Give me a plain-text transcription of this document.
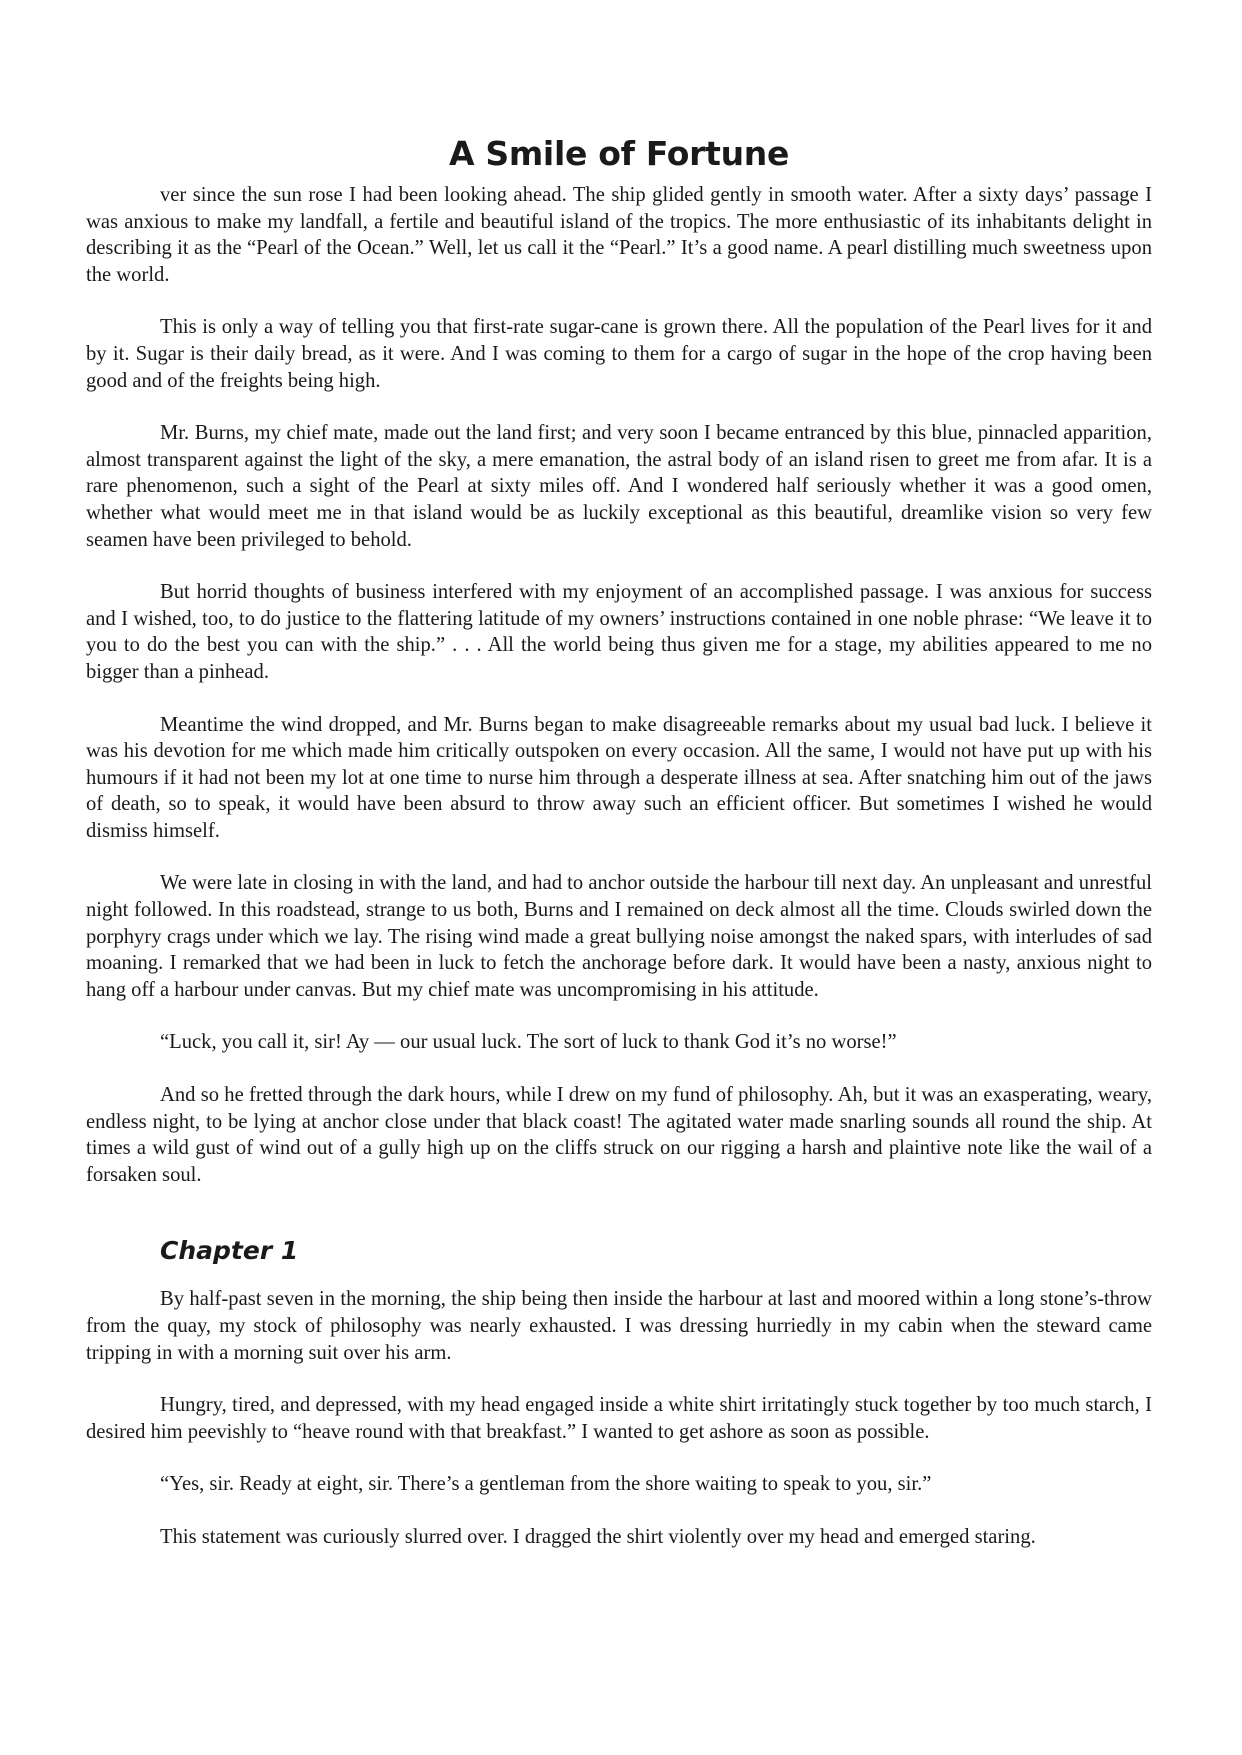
A Smile of Fortune

ver since the sun rose I had been looking ahead. The ship glided gently in smooth water. After a sixty days’ passage I was anxious to make my landfall, a fertile and beautiful island of the tropics. The more enthusiastic of its inhabitants delight in describing it as the “Pearl of the Ocean.” Well, let us call it the “Pearl.” It’s a good name. A pearl distilling much sweetness upon the world.

This is only a way of telling you that first-rate sugar-cane is grown there. All the population of the Pearl lives for it and by it. Sugar is their daily bread, as it were. And I was coming to them for a cargo of sugar in the hope of the crop having been good and of the freights being high.

Mr. Burns, my chief mate, made out the land first; and very soon I became entranced by this blue, pinnacled apparition, almost transparent against the light of the sky, a mere emanation, the astral body of an island risen to greet me from afar. It is a rare phenomenon, such a sight of the Pearl at sixty miles off. And I wondered half seriously whether it was a good omen, whether what would meet me in that island would be as luckily exceptional as this beautiful, dreamlike vision so very few seamen have been privileged to behold.

But horrid thoughts of business interfered with my enjoyment of an accomplished passage. I was anxious for success and I wished, too, to do justice to the flattering latitude of my owners’ instructions contained in one noble phrase: “We leave it to you to do the best you can with the ship.” . . . All the world being thus given me for a stage, my abilities appeared to me no bigger than a pinhead.

Meantime the wind dropped, and Mr. Burns began to make disagreeable remarks about my usual bad luck. I believe it was his devotion for me which made him critically outspoken on every occasion. All the same, I would not have put up with his humours if it had not been my lot at one time to nurse him through a desperate illness at sea. After snatching him out of the jaws of death, so to speak, it would have been absurd to throw away such an efficient officer. But sometimes I wished he would dismiss himself.

We were late in closing in with the land, and had to anchor outside the harbour till next day. An unpleasant and unrestful night followed. In this roadstead, strange to us both, Burns and I remained on deck almost all the time. Clouds swirled down the porphyry crags under which we lay. The rising wind made a great bullying noise amongst the naked spars, with interludes of sad moaning. I remarked that we had been in luck to fetch the anchorage before dark. It would have been a nasty, anxious night to hang off a harbour under canvas. But my chief mate was uncompromising in his attitude.

“Luck, you call it, sir! Ay — our usual luck. The sort of luck to thank God it’s no worse!”

And so he fretted through the dark hours, while I drew on my fund of philosophy. Ah, but it was an exasperating, weary, endless night, to be lying at anchor close under that black coast! The agitated water made snarling sounds all round the ship. At times a wild gust of wind out of a gully high up on the cliffs struck on our rigging a harsh and plaintive note like the wail of a forsaken soul.

Chapter 1

By half-past seven in the morning, the ship being then inside the harbour at last and moored within a long stone’s-throw from the quay, my stock of philosophy was nearly exhausted. I was dressing hurriedly in my cabin when the steward came tripping in with a morning suit over his arm.

Hungry, tired, and depressed, with my head engaged inside a white shirt irritatingly stuck together by too much starch, I desired him peevishly to “heave round with that breakfast.” I wanted to get ashore as soon as possible.

“Yes, sir. Ready at eight, sir. There’s a gentleman from the shore waiting to speak to you, sir.”

This statement was curiously slurred over. I dragged the shirt violently over my head and emerged staring.
